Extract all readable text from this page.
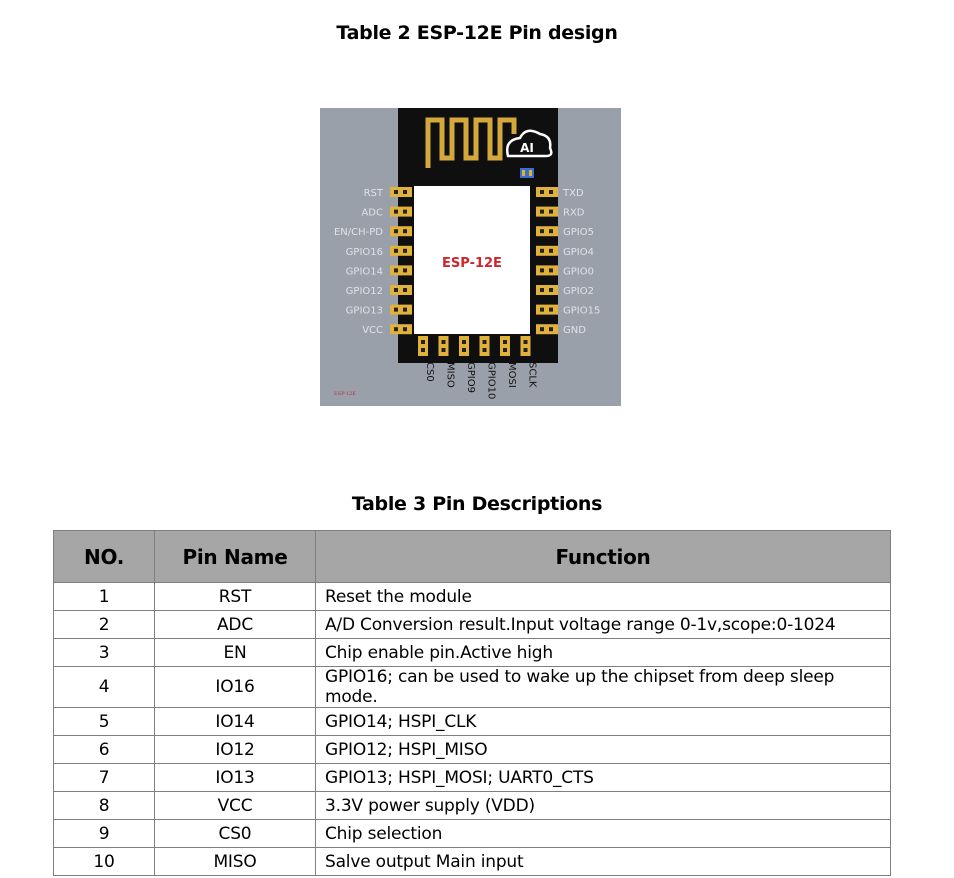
Table 2 ESP-12E Pin design
AI
ESP-12E
ESP-12E
RST
ADC
EN/CH-PD
GPIO16
GPIO14
GPIO12
GPIO13
VCC
TXD
RXD
GPIO5
GPIO4
GPIO0
GPIO2
GPIO15
GND
CS0 MISO GPIO9 GPIO10 MOSI SCLK
Table 3 Pin Descriptions
NO.	Pin Name	Function
1	RST	Reset the module
2	ADC	A/D Conversion result.Input voltage range 0-1v,scope:0-1024
3	EN	Chip enable pin.Active high
4	IO16	GPIO16; can be used to wake up the chipset from deep sleep mode.
5	IO14	GPIO14; HSPI_CLK
6	IO12	GPIO12; HSPI_MISO
7	IO13	GPIO13; HSPI_MOSI; UART0_CTS
8	VCC	3.3V power supply (VDD)
9	CS0	Chip selection
10	MISO	Salve output Main input
